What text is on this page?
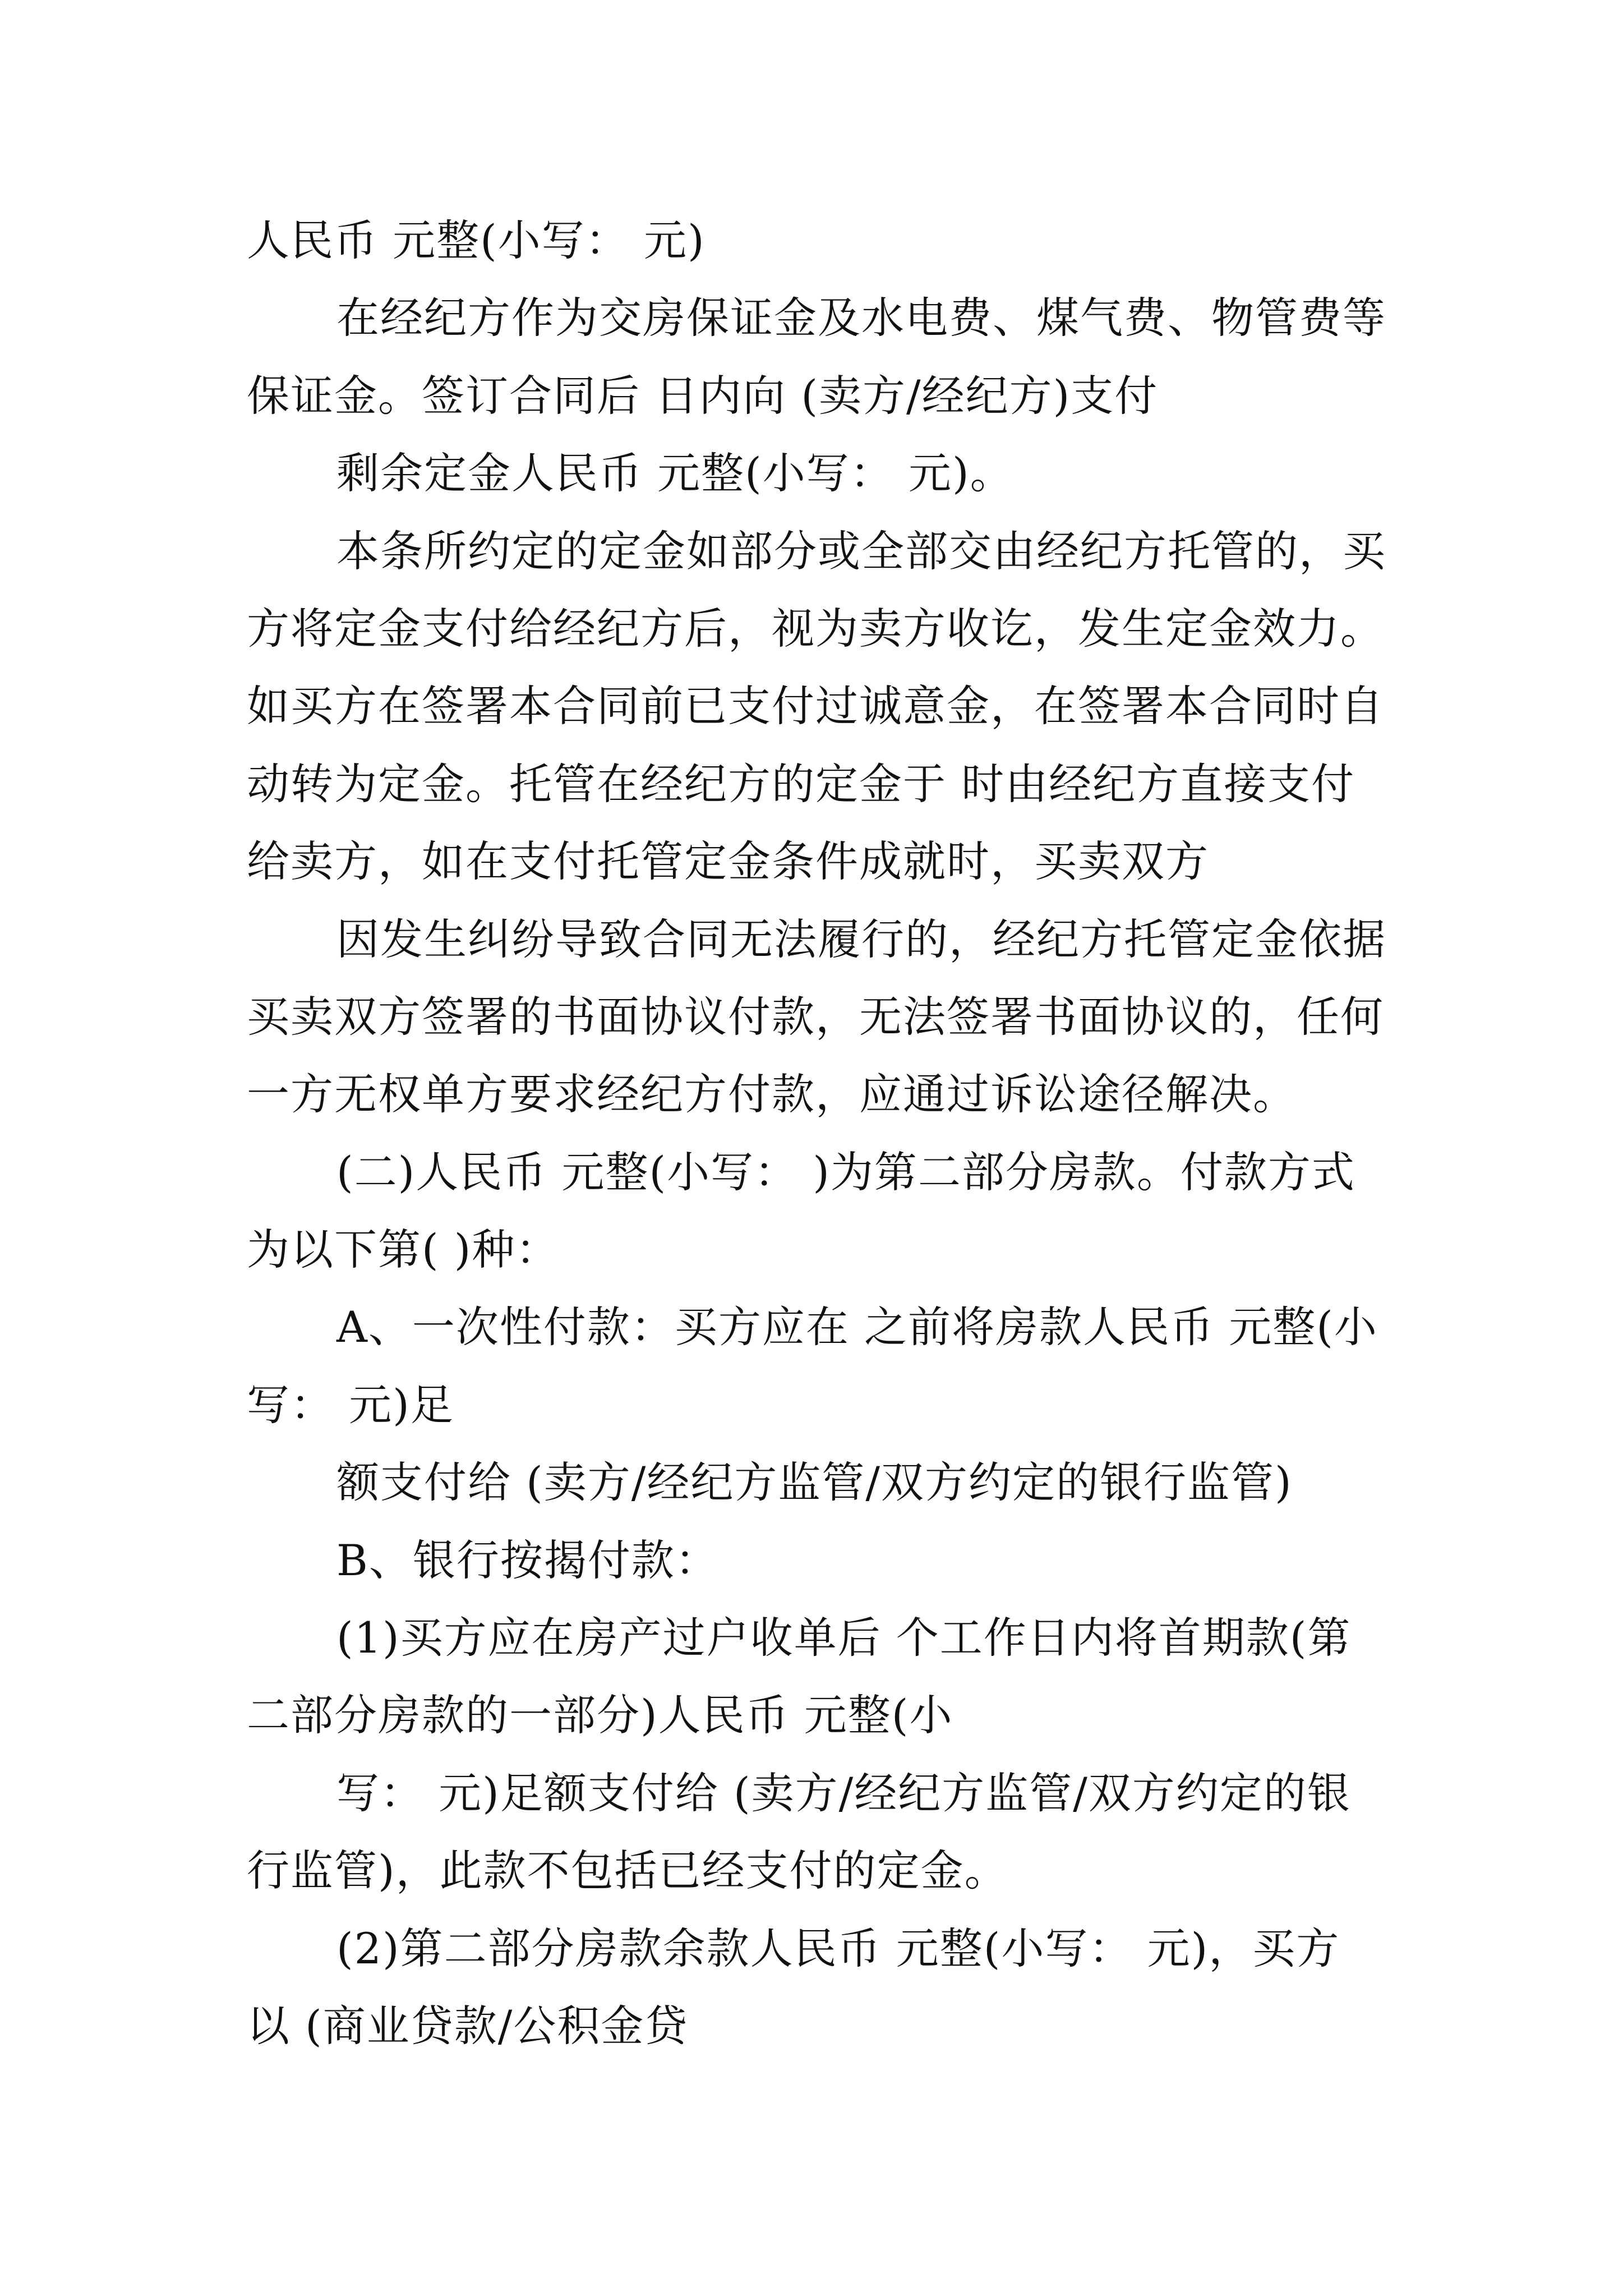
人民币 元整(小写： 元)
在经纪方作为交房保证金及水电费、煤气费、物管费等
保证金。签订合同后 日内向 (卖方/经纪方)支付
剩余定金人民币 元整(小写： 元)。
本条所约定的定金如部分或全部交由经纪方托管的，买
方将定金支付给经纪方后，视为卖方收讫，发生定金效力。
如买方在签署本合同前已支付过诚意金，在签署本合同时自
动转为定金。托管在经纪方的定金于 时由经纪方直接支付
给卖方，如在支付托管定金条件成就时，买卖双方
因发生纠纷导致合同无法履行的，经纪方托管定金依据
买卖双方签署的书面协议付款，无法签署书面协议的，任何
一方无权单方要求经纪方付款，应通过诉讼途径解决。
(二)人民币 元整(小写： )为第二部分房款。付款方式
为以下第( )种：
A、一次性付款：买方应在 之前将房款人民币 元整(小
写： 元)足
额支付给 (卖方/经纪方监管/双方约定的银行监管)
B、银行按揭付款：
(1)买方应在房产过户收单后 个工作日内将首期款(第
二部分房款的一部分)人民币 元整(小
写： 元)足额支付给 (卖方/经纪方监管/双方约定的银
行监管)，此款不包括已经支付的定金。
(2)第二部分房款余款人民币 元整(小写： 元)，买方
以 (商业贷款/公积金贷
